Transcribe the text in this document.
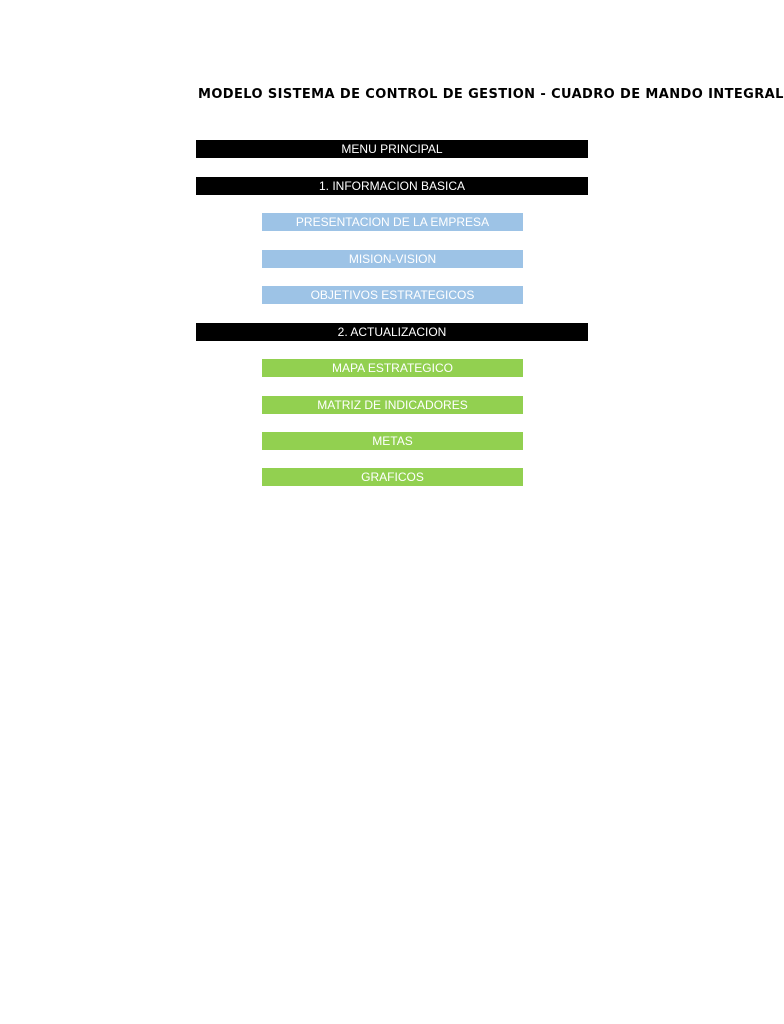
MODELO SISTEMA DE CONTROL DE GESTION - CUADRO DE MANDO INTEGRAL
MENU PRINCIPAL
1. INFORMACION BASICA
PRESENTACION DE LA EMPRESA
MISION-VISION
OBJETIVOS ESTRATEGICOS
2. ACTUALIZACION
MAPA ESTRATEGICO
MATRIZ DE INDICADORES
METAS
GRAFICOS
